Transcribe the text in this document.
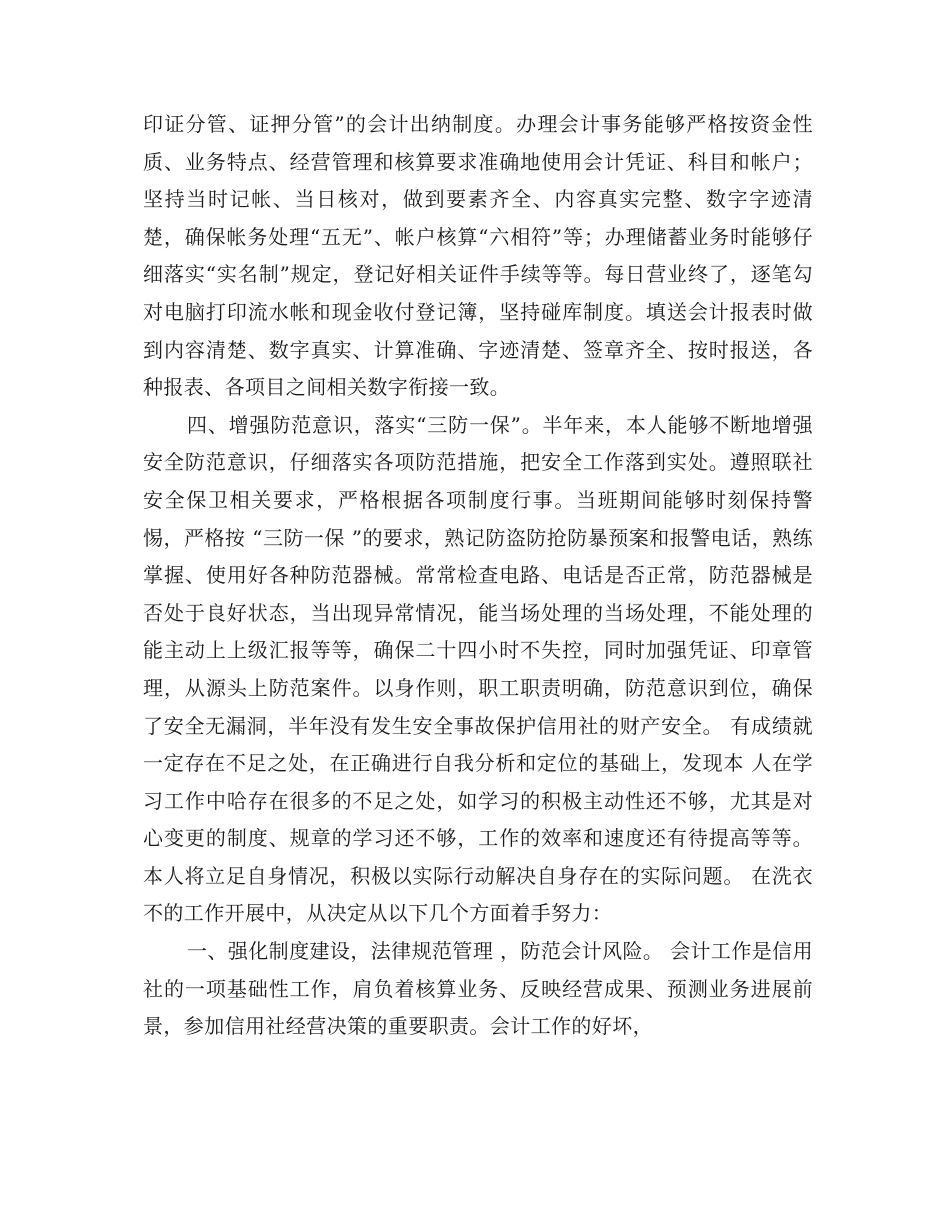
印证分管、证押分管”的会计出纳制度。办理会计事务能够严格按资金性质、业务特点、经营管理和核算要求准确地使用会计凭证、科目和帐户；坚持当时记帐、当日核对，做到要素齐全、内容真实完整、数字字迹清楚，确保帐务处理“五无”、帐户核算“六相符”等；办理储蓄业务时能够仔细落实“实名制”规定，登记好相关证件手续等等。每日营业终了，逐笔勾对电脑打印流水帐和现金收付登记簿，坚持碰库制度。填送会计报表时做到内容清楚、数字真实、计算准确、字迹清楚、签章齐全、按时报送，各种报表、各项目之间相关数字衔接一致。

四、增强防范意识，落实“三防一保”。半年来，本人能够不断地增强安全防范意识，仔细落实各项防范措施，把安全工作落到实处。遵照联社安全保卫相关要求，严格根据各项制度行事。当班期间能够时刻保持警惕，严格按 “三防一保 ”的要求，熟记防盗防抢防暴预案和报警电话，熟练掌握、使用好各种防范器械。常常检查电路、电话是否正常，防范器械是否处于良好状态，当出现异常情况，能当场处理的当场处理，不能处理的能主动上上级汇报等等，确保二十四小时不失控，同时加强凭证、印章管理，从源头上防范案件。以身作则，职工职责明确，防范意识到位，确保了安全无漏洞，半年没有发生安全事故保护信用社的财产安全。 有成绩就一定存在不足之处，在正确进行自我分析和定位的基础上，发现本 人在学习工作中哈存在很多的不足之处，如学习的积极主动性还不够，尤其是对心变更的制度、规章的学习还不够，工作的效率和速度还有待提高等等。本人将立足自身情况，积极以实际行动解决自身存在的实际问题。 在洗衣不的工作开展中，从决定从以下几个方面着手努力：

一、强化制度建设，法律规范管理 ，防范会计风险。 会计工作是信用社的一项基础性工作，肩负着核算业务、反映经营成果、预测业务进展前景，参加信用社经营决策的重要职责。会计工作的好坏，
